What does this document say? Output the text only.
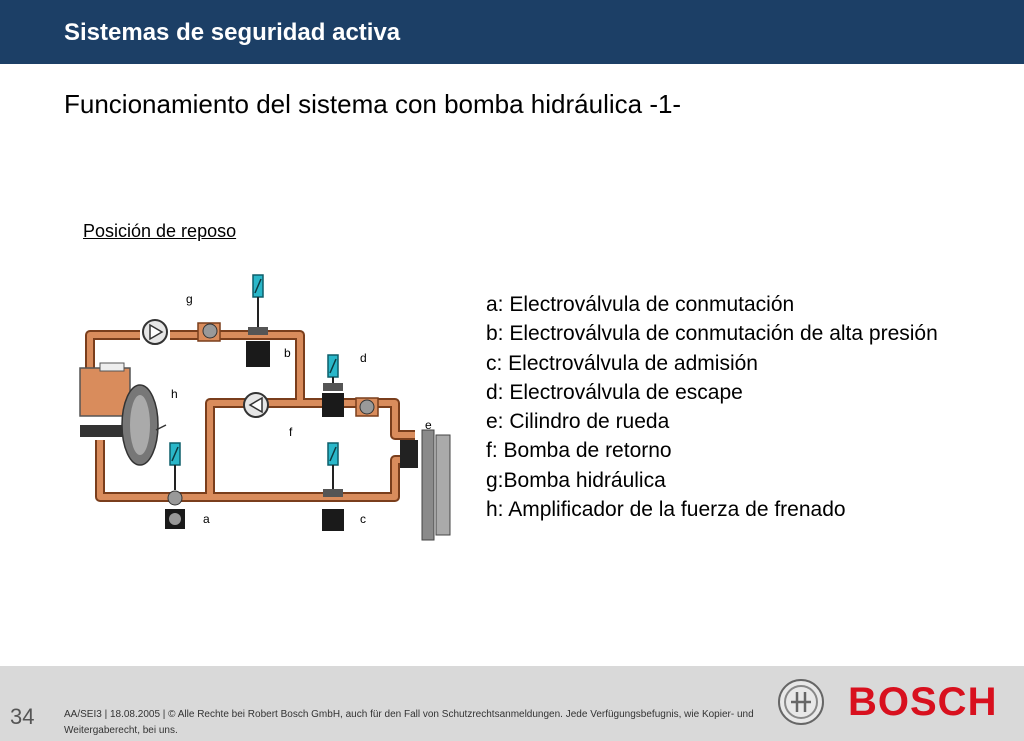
Sistemas de seguridad activa
Funcionamiento del sistema con bomba hidráulica -1-
Posición de reposo
g
b	d
h
f	e
a	c
a: Electroválvula de conmutación
b: Electroválvula de conmutación de alta presión
c: Electroválvula de admisión
d: Electroválvula de escape
e: Cilindro de rueda
f: Bomba de retorno
g:Bomba hidráulica
h: Amplificador de la fuerza de frenado
34	AA/SEI3 | 18.08.2005 | © Alle Rechte bei Robert Bosch GmbH, auch für den Fall von Schutzrechtsanmeldungen. Jede Verfügungsbefugnis, wie Kopier- und Weitergaberecht, bei uns.
BOSCH
